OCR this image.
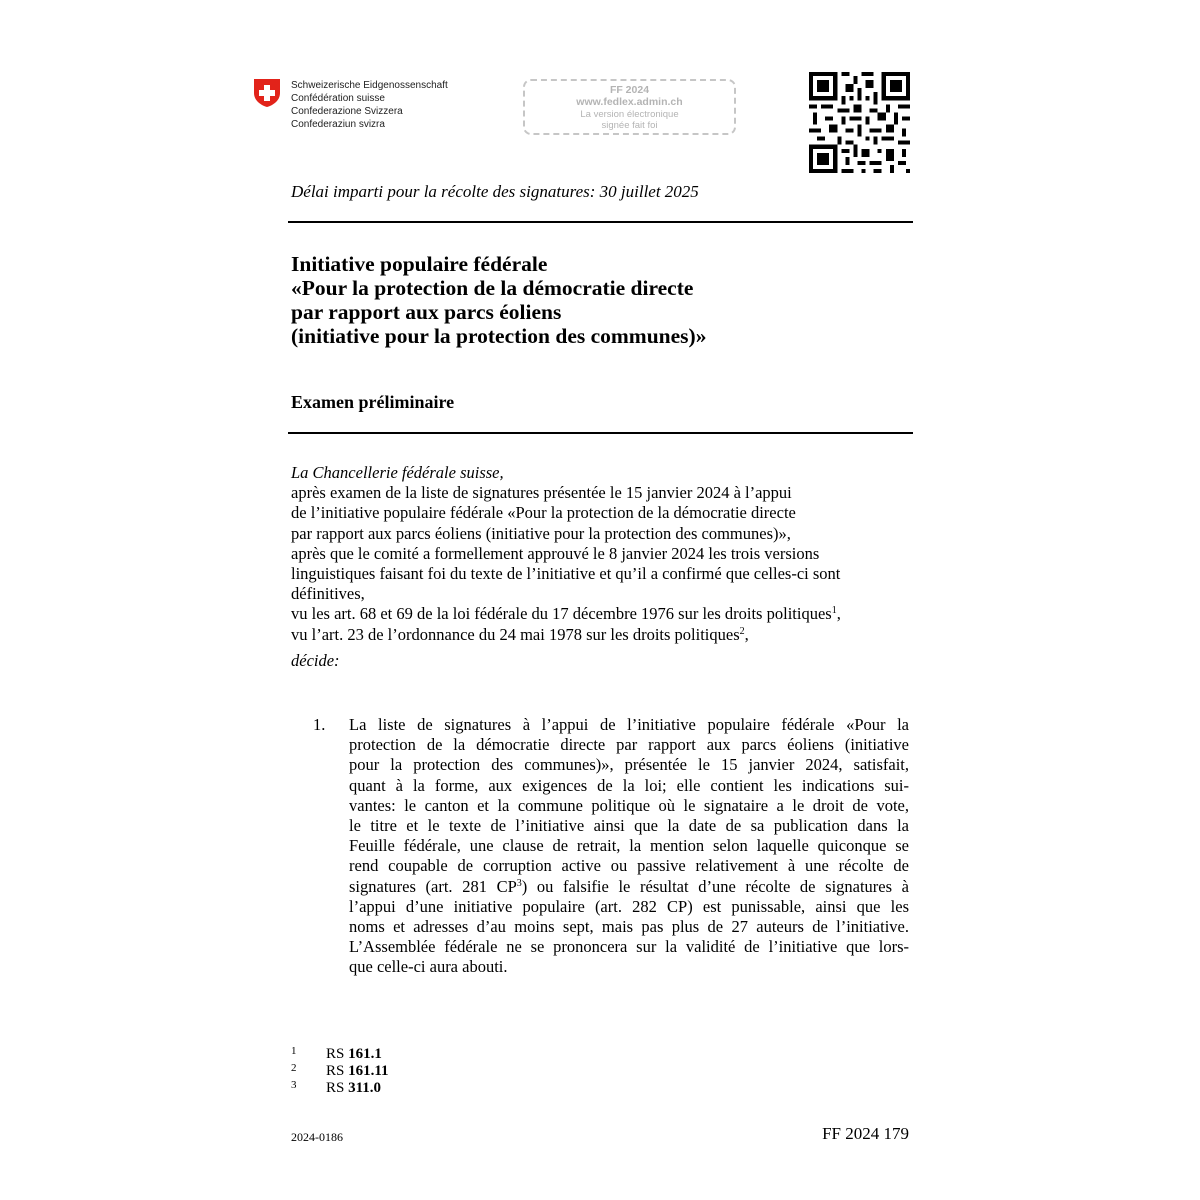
Schweizerische Eidgenossenschaft
Confédération suisse
Confederazione Svizzera
Confederaziun svizra
FF 2024
www.fedlex.admin.ch
La version électronique
signée fait foi
Délai imparti pour la récolte des signatures: 30 juillet 2025
Initiative populaire fédérale
«Pour la protection de la démocratie directe
par rapport aux parcs éoliens
(initiative pour la protection des communes)»
Examen préliminaire
La Chancellerie fédérale suisse,
après examen de la liste de signatures présentée le 15 janvier 2024 à l’appui
de l’initiative populaire fédérale «Pour la protection de la démocratie directe
par rapport aux parcs éoliens (initiative pour la protection des communes)»,
après que le comité a formellement approuvé le 8 janvier 2024 les trois versions
linguistiques faisant foi du texte de l’initiative et qu’il a confirmé que celles-ci sont
définitives,
vu les art. 68 et 69 de la loi fédérale du 17 décembre 1976 sur les droits politiques$^1$,
vu l’art. 23 de l’ordonnance du 24 mai 1978 sur les droits politiques$^2$,
décide:
1. La liste de signatures à l’appui de l’initiative populaire fédérale «Pour la
protection de la démocratie directe par rapport aux parcs éoliens (initiative
pour la protection des communes)», présentée le 15 janvier 2024, satisfait,
quant à la forme, aux exigences de la loi; elle contient les indications sui-
vantes: le canton et la commune politique où le signataire a le droit de vote,
le titre et le texte de l’initiative ainsi que la date de sa publication dans la
Feuille fédérale, une clause de retrait, la mention selon laquelle quiconque se
rend coupable de corruption active ou passive relativement à une récolte de
signatures (art. 281 $CP^3$) ou falsifie le résultat d’une récolte de signatures à
l’appui d’une initiative populaire (art. 282 CP) est punissable, ainsi que les
noms et adresses d’au moins sept, mais pas plus de 27 auteurs de l’initiative.
L’Assemblée fédérale ne se prononcera sur la validité de l’initiative que lors-
que celle-ci aura abouti.
1 RS 161.1
2 RS 161.11
3 RS 311.0
2024-0186	FF 2024 179
